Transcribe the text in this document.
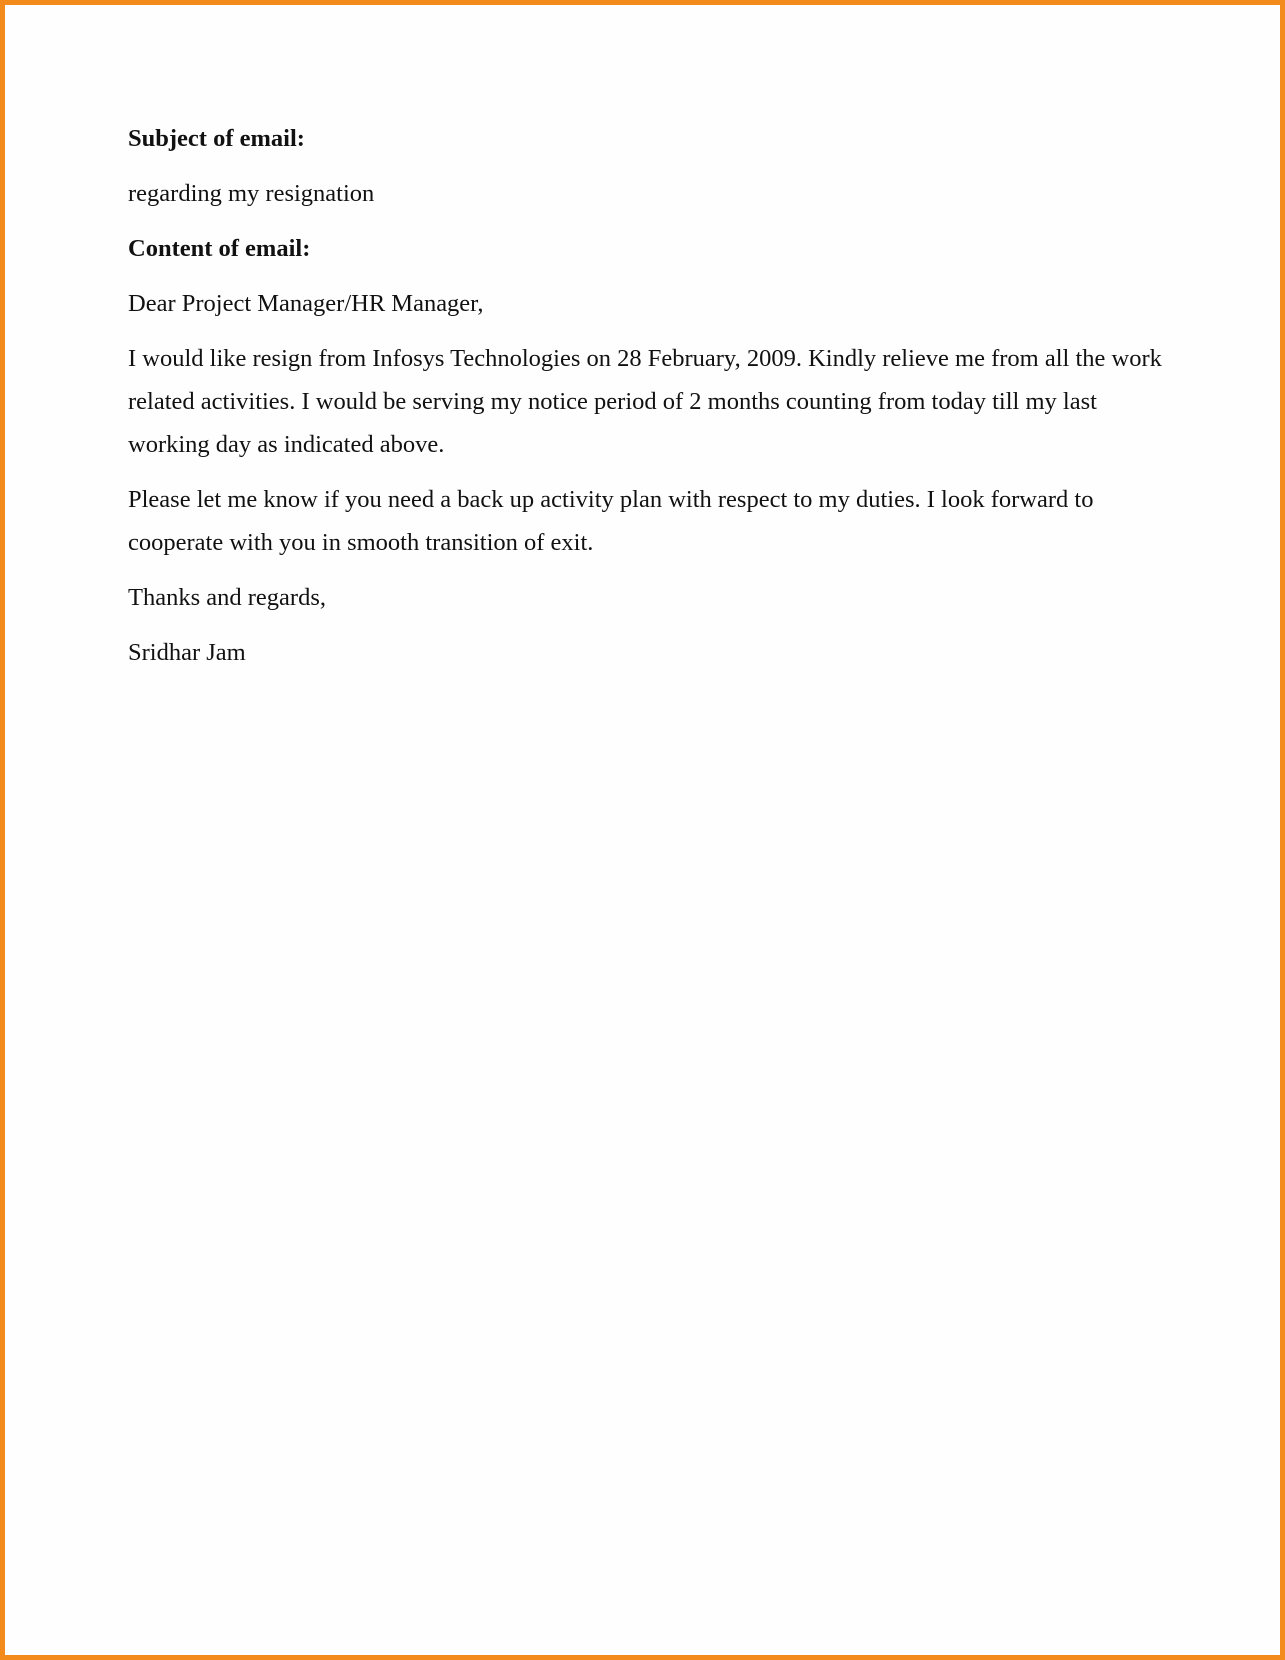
Subject of email:

regarding my resignation

Content of email:

Dear Project Manager/HR Manager,

I would like resign from Infosys Technologies on 28 February, 2009. Kindly relieve me from all the work related activities. I would be serving my notice period of 2 months counting from today till my last working day as indicated above.

Please let me know if you need a back up activity plan with respect to my duties. I look forward to cooperate with you in smooth transition of exit.

Thanks and regards,

Sridhar Jam
